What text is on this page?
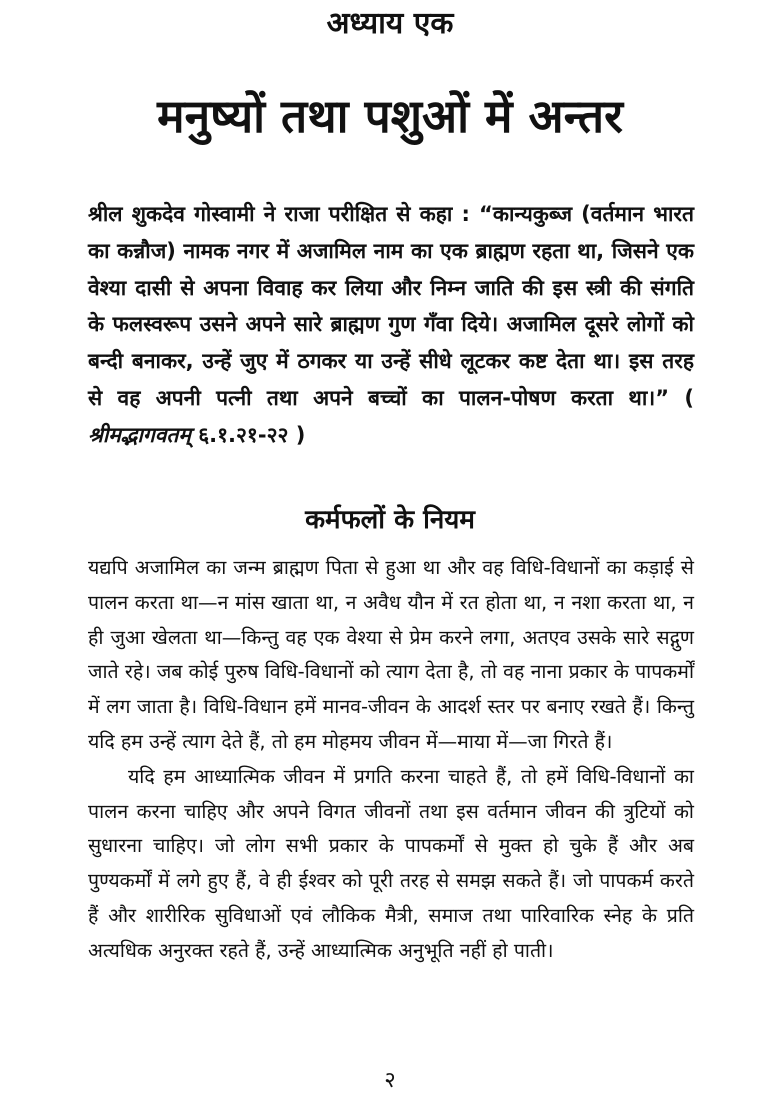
अध्याय एक
मनुष्यों तथा पशुओं में अन्तर

श्रील शुकदेव गोस्वामी ने राजा परीक्षित से कहा : “कान्यकुब्ज (वर्तमान भारत का कन्नौज) नामक नगर में अजामिल नाम का एक ब्राह्मण रहता था, जिसने एक वेश्या दासी से अपना विवाह कर लिया और निम्न जाति की इस स्त्री की संगति के फलस्वरूप उसने अपने सारे ब्राह्मण गुण गँवा दिये। अजामिल दूसरे लोगों को बन्दी बनाकर, उन्हें जुए में ठगकर या उन्हें सीधे लूटकर कष्ट देता था। इस तरह से वह अपनी पत्नी तथा अपने बच्चों का पालन-पोषण करता था।” ( श्रीमद्भागवतम् ६.१.२१-२२ )

कर्मफलों के नियम

यद्यपि अजामिल का जन्म ब्राह्मण पिता से हुआ था और वह विधि-विधानों का कड़ाई से पालन करता था—न मांस खाता था, न अवैध यौन में रत होता था, न नशा करता था, न ही जुआ खेलता था—किन्तु वह एक वेश्या से प्रेम करने लगा, अतएव उसके सारे सद्गुण जाते रहे। जब कोई पुरुष विधि-विधानों को त्याग देता है, तो वह नाना प्रकार के पापकर्मों में लग जाता है। विधि-विधान हमें मानव-जीवन के आदर्श स्तर पर बनाए रखते हैं। किन्तु यदि हम उन्हें त्याग देते हैं, तो हम मोहमय जीवन में—माया में—जा गिरते हैं।

यदि हम आध्यात्मिक जीवन में प्रगति करना चाहते हैं, तो हमें विधि-विधानों का पालन करना चाहिए और अपने विगत जीवनों तथा इस वर्तमान जीवन की त्रुटियों को सुधारना चाहिए। जो लोग सभी प्रकार के पापकर्मों से मुक्त हो चुके हैं और अब पुण्यकर्मों में लगे हुए हैं, वे ही ईश्वर को पूरी तरह से समझ सकते हैं। जो पापकर्म करते हैं और शारीरिक सुविधाओं एवं लौकिक मैत्री, समाज तथा पारिवारिक स्नेह के प्रति अत्यधिक अनुरक्त रहते हैं, उन्हें आध्यात्मिक अनुभूति नहीं हो पाती।

२
